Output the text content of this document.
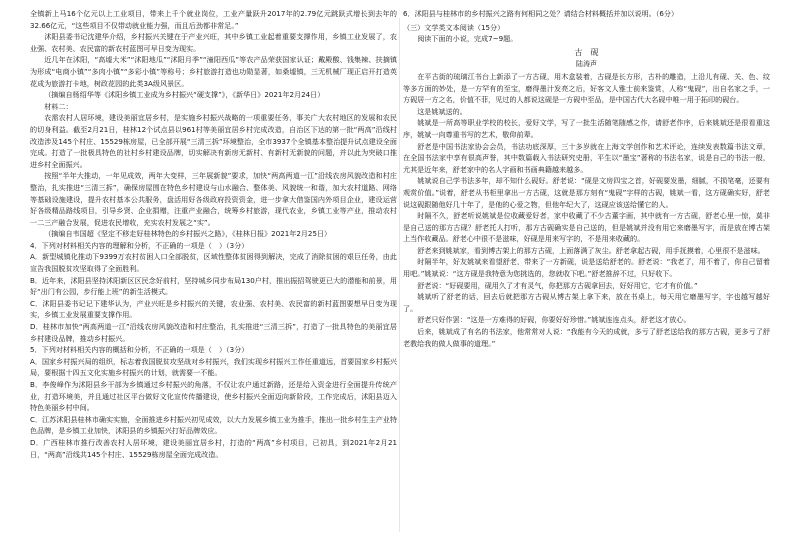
全镇新上马16个亿元以上工业项目，带来上千个就业岗位，工业产量跃升2017年的2.79亿元跳跃式增长到去年的32.66亿元，“这些项目不仅带动就业能力强，而且后劲都非常足。”

沭阳县委书记沈建华介绍，乡村振兴关键在于产业兴旺，其中乡镇工业起着重要支撑作用，乡镇工业发展了，农业强、农村美、农民富的新农村蓝图可早日变为现实。

近几年在沭阳，“高墟大米”“沭阳地瓜”“沭阳月季”“潼阳西瓜”等农产品荣获国家认证；戴殿酸、钱集辣、扶摘镇为形成“电商小镇”“多肉小镇”“多彩小镇”等称号；乡村旅游打造也功勋显著，如桑墟镇，三无机械厂现正启开打造英花成为旅游打卡地，树政花园的此类3A级风景区。

（摘编自杨绍华等《沭阳乡镇工业成为乡村振兴“硬支撑”》，《新华日》2021年2月24日）

材料二：

农需农村人居环境，建设美丽宜居乡村，是实施乡村振兴战略的一项重要任务，事关广大农村地区的发展和农民的切身利益。截至2月21日，桂林12个试点县以961村等美丽宜居乡村完成改造，自治区下达的第一批“两高”沿线村改造涉及145个村庄、15529栋房屋，已全部开展“三清三拆”环境整治，全市3937个全镇基本整治提升试点建设全面完成。打造了一批极具特色的社村乡村建设品牌，切实解决有新房无新村、有新村无新貌的问题，并以此为突破口推进乡村全面振兴。

按照“半年大推动，一年见成效，两年大变样，三年展新貌”要求，加快“两高两道一江”沿线农房风貌改造和村庄整治，扎实推进“三清三拆”，确保房屋围在特色乡村建设与山水融合、整体美、风貌统一和谐，加大农村道路、网络等基础设施建设，提升农村基本公共服务，盘活用好各级政府投资资金，进一步拿大借鉴国内外项目企业，建设运营好各级精品路线项目，引导乡贤、企业捐赠，注重产业融合，统筹乡村旅游，现代农业，乡镇工业等产业，推动农村一二三产融合发展，促进农民增收，充实农村发展之“实”。

（摘编自韦国超《坚定不移走好桂林特色的乡村振兴之路》，《桂林日报》2021年2月25日）

4．下列对材料相关内容的理解和分析，不正确的一项是（　）（3分）

A．新型城镇化推动下9399万农村贫困人口全部脱贫，区域性整体贫困得到解决，完成了消除贫困的艰巨任务，由此宣告我国脱贫攻坚取得了全面胜利。

B．近年来，沭阳县坚持沭阳新区区民念好前村，坚持城乡同步布局130户村，推出振招驾驶更已大的潜能和前景，用好“出门有公园，步行能上班”的新生活模式。

C．沭阳县委书记记下建华认为，产业兴旺是乡村振兴的关键，农业强、农村美、农民富的新村蓝图要想早日变为现实，乡镇工业发展重要支撑作用。

D．桂林市加快“两高两道一江”沿线农房风貌改造和村庄整治，扎实推进“三清三拆”，打造了一批具特色的美丽宜居乡村建设品牌，推动乡村振兴。

5．下列对材料相关内容的概括和分析，不正确的一项是（　）（3分）

A．国家乡村振兴局的组织，标志着我国脱贫攻坚战对乡村振兴，我们实现乡村振兴工作任重道远，首要国家乡村振兴局，要根据十四五文化实施乡村振兴的计划，就需要一不能。

B．李俊峰作为沭阳县乡干部为乡镇通过乡村振兴的角落，不仅让农户通过新路，还是给入资金进行全面提升传统产业，打造环境美，并且通过社区平台做好文化宣传传播建设，使乡村振兴全面迈向新阶段，工作完成后，沭阳县迈入特色美丽乡村中间。

C．江苏沭阳县桂林市确实实施，全面推进乡村振兴初见成效，以大力发展乡镇工业为推手，推出一批乡村生主产业特色品牌，是乡镇工业加快，沭阳县的乡镇振兴打好品牌效应。

D．广西桂林市推行改善农村人居环境，建设美丽宜居乡村，打造的“两高”乡村项目，已初具，到2021年2月21日，“两高”沿线共145个村庄、15529栋房屋全面完成改造。

6．沭阳县与桂林市的乡村振兴之路有何相同之处？请结合材料概括并加以说明。（6分）

（三）文学类文本阅读（15分）

阅读下面的小说，完成7~9题。

古　砚

陆涛声

在平古街的琉璃江书台上新添了一方古砚，用木盒装着，古砚是长方形，古朴的雕造，上沿儿有砚、关、色、纹等多方面的妙处，是一方罕有的至宝，磨得墨汁发亮之后，好客文人雅士前来鉴赏，人称“鬼砚”，出自名家之手，一方砚居一方之名，价值不菲，见过的人都说这砚是一方砚中至品，是中国古代大名砚中唯一用于拓印的砚台。

这是姚斌送的。

姚斌是一所高等职业学校的校长，爱好文学，写了一批生活随笔随感之作，请舒老作序，后来姚斌还是很看重这序，姚斌一向尊重书写的艺术，敬仰前辈。

舒老是中国书法家协会会员，书法功底深厚，三十多岁就在上海文学创作和艺术评论，连续发表数篇书法文章，在全国书法家中享有很高声誉，其中数篇载入书法研究史册，平生以“墨宝”著称的书法名家，说是自己的书法一般，尤其是近年来，舒老家中的名人字画和书画典籍越来越多。

姚斌说自己学书法多年，却不知什么砚好。舒老说：“砚是文房四宝之首，好砚要发墨，细腻，不损笔毫，还要有观赏价值。”说着，舒老从书柜里拿出一方古砚，这就是那方刻有“鬼砚”字样的古砚，姚斌一看，这方砚确实好，舒老说这砚跟随他好几十年了，是他的心爱之物，但他年纪大了，这砚应该送给懂它的人。

时隔不久，舒老听说姚斌是位收藏爱好者，家中收藏了不少古董字画，其中就有一方古砚，舒老心里一惊，莫非是自己送的那方古砚？舒老托人打听，那方古砚确实是自己送的，但是姚斌并没有用它来磨墨写字，而是放在博古架上当作收藏品。舒老心中很不是滋味，好砚是用来写字的，不是用来收藏的。

舒老来到姚斌家，看到博古架上的那方古砚，上面落满了灰尘。舒老拿起古砚，用手抚摸着，心里很不是滋味。

时隔半年，好友姚斌来看望舒老，带来了一方新砚，说是送给舒老的。舒老说：“我老了，用不着了，你自己留着用吧。”姚斌说：“这方砚是我特意为您挑选的，您就收下吧。”舒老推辞不过，只好收下。

舒老说：“好砚要用，砚用久了才有灵气，你把那方古砚拿回去，好好用它，它才有价值。”

姚斌听了舒老的话，回去后就把那方古砚从博古架上拿下来，放在书桌上，每天用它磨墨写字，字也越写越好了。

舒老只好作罢：“这是一方难得的好砚，你要好好珍惜。”姚斌连连点头，舒老这才放心。

后来，姚斌成了有名的书法家，他常常对人说：“我能有今天的成就，多亏了舒老送给我的那方古砚，更多亏了舒老教给我的做人做事的道理。”
